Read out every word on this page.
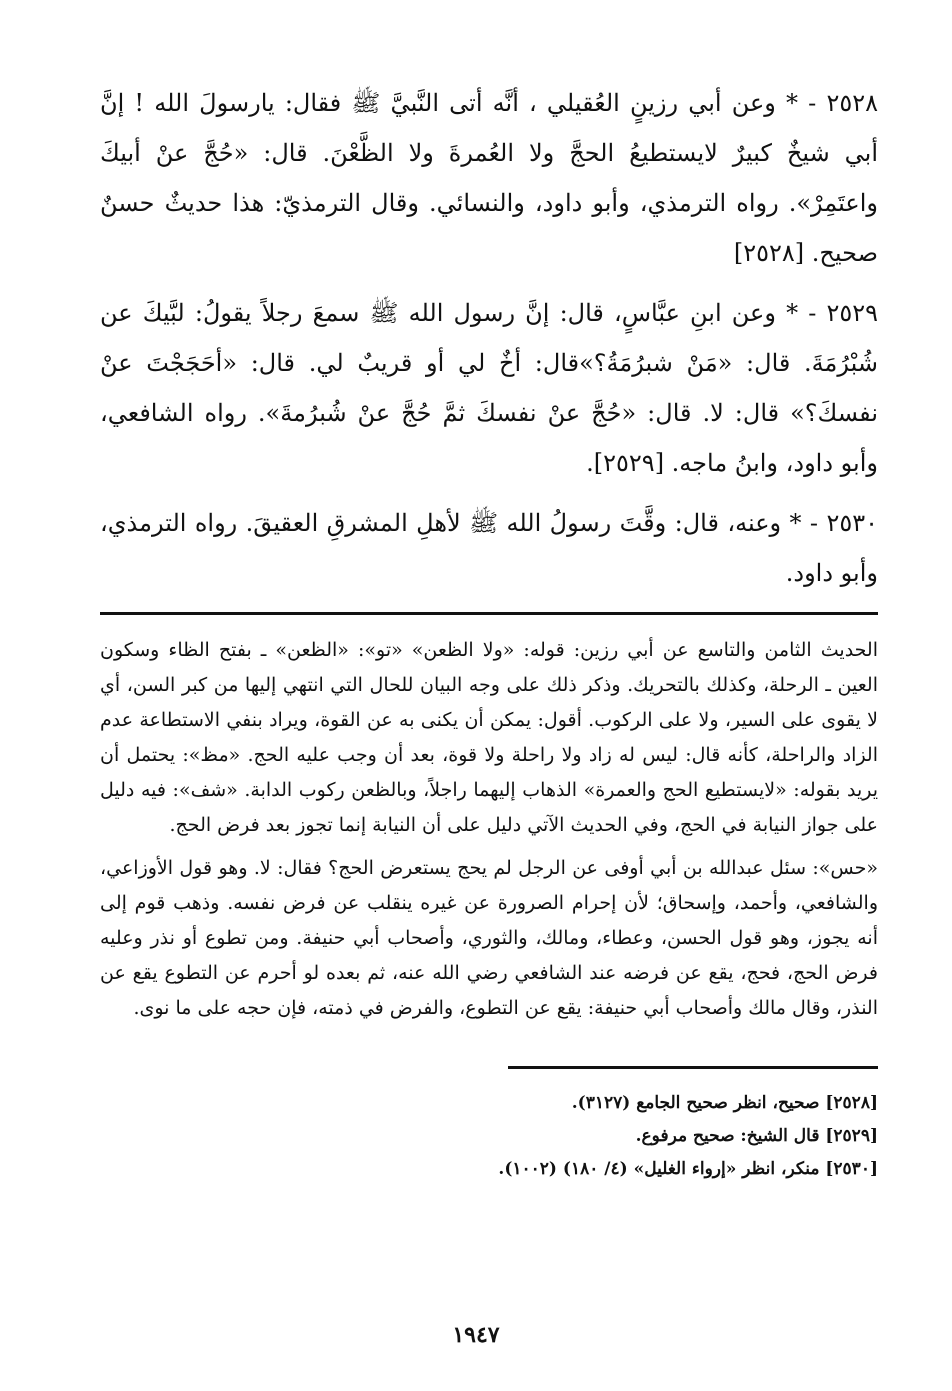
٢٥٢٨ - * وعن أبي رزينٍ العُقيلي ، أنَّه أتى النَّبيَّ ﷺ فقال: يارسولَ الله ! إنَّ أبي شيخٌ كبيرٌ لايستطيعُ الحجَّ ولا العُمرةَ ولا الظَّعْنَ. قال: «حُجَّ عنْ أبيكَ واعتَمِرْ». رواه الترمذي، وأبو داود، والنسائي. وقال الترمذيّ: هذا حديثٌ حسنٌ صحيح. [٢٥٢٨]

٢٥٢٩ - * وعن ابنِ عبَّاسٍ، قال: إنَّ رسول الله ﷺ سمعَ رجلاً يقولُ: لبَّيكَ عن شُبْرُمَةَ. قال: «مَنْ شبرُمَةُ؟»قال: أخٌ لي أو قريبٌ لي. قال: «أحَجَجْتَ عنْ نفسكَ؟» قال: لا. قال: «حُجَّ عنْ نفسكَ ثمَّ حُجَّ عنْ شُبرُمةَ». رواه الشافعي، وأبو داود، وابنُ ماجه. [٢٥٢٩].

٢٥٣٠ - * وعنه، قال: وقَّتَ رسولُ الله ﷺ لأهلِ المشرقِ العقيقَ. رواه الترمذي، وأبو داود.

الحديث الثامن والتاسع عن أبي رزين: قوله: «ولا الظعن» «تو»: «الظعن» ـ بفتح الظاء وسكون العين ـ الرحلة، وكذلك بالتحريك. وذكر ذلك على وجه البيان للحال التي انتهي إليها من كبر السن، أي لا يقوى على السير، ولا على الركوب. أقول: يمكن أن يكنى به عن القوة، ويراد بنفي الاستطاعة عدم الزاد والراحلة، كأنه قال: ليس له زاد ولا راحلة ولا قوة، بعد أن وجب عليه الحج. «مظ»: يحتمل أن يريد بقوله: «لايستطيع الحج والعمرة» الذهاب إليهما راجلاً، وبالظعن ركوب الدابة. «شف»: فيه دليل على جواز النيابة في الحج، وفي الحديث الآتي دليل على أن النيابة إنما تجوز بعد فرض الحج.

«حس»: سئل عبدالله بن أبي أوفى عن الرجل لم يحج يستعرض الحج؟ فقال: لا. وهو قول الأوزاعي، والشافعي، وأحمد، وإسحاق؛ لأن إحرام الصرورة عن غيره ينقلب عن فرض نفسه. وذهب قوم إلى أنه يجوز، وهو قول الحسن، وعطاء، ومالك، والثوري، وأصحاب أبي حنيفة. ومن تطوع أو نذر وعليه فرض الحج، فحج، يقع عن فرضه عند الشافعي رضي الله عنه، ثم بعده لو أحرم عن التطوع يقع عن النذر، وقال مالك وأصحاب أبي حنيفة: يقع عن التطوع، والفرض في ذمته، فإن حجه على ما نوى.

[٢٥٢٨] صحيح، انظر صحيح الجامع (٣١٢٧).

[٢٥٢٩] قال الشيخ: صحيح مرفوع.

[٢٥٣٠] منكر، انظر «إرواء الغليل» (٤/ ١٨٠) (١٠٠٢).

١٩٤٧
